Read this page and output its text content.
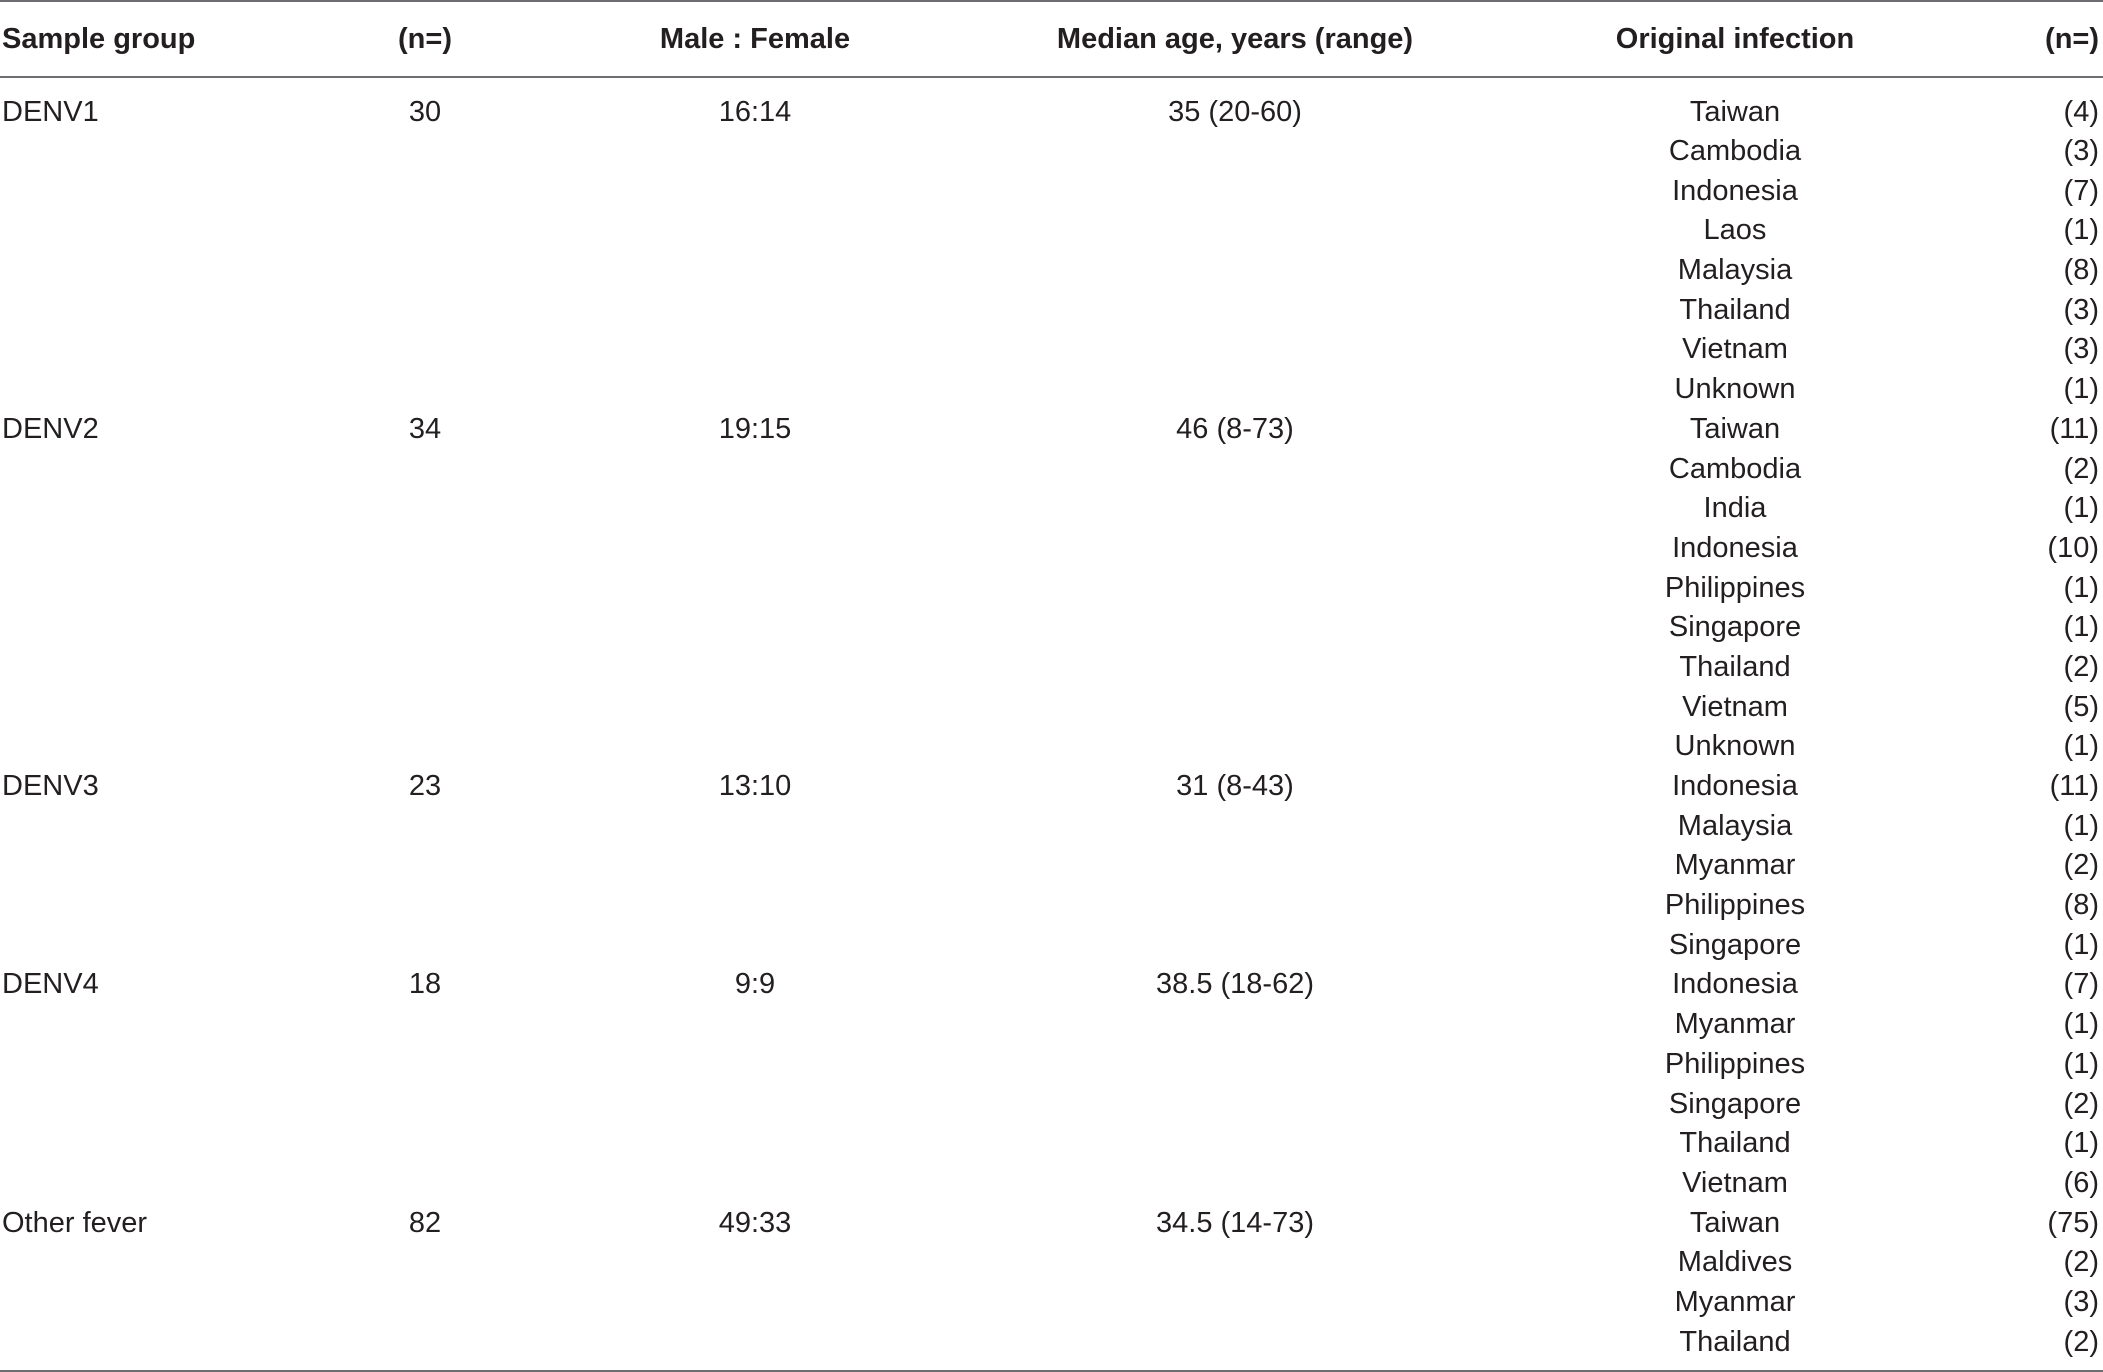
Sample group	(n=)	Male : Female	Median age, years (range)	Original infection	(n=)
DENV1	30	16:14	35 (20-60)	Taiwan	(4)
				Cambodia	(3)
				Indonesia	(7)
				Laos	(1)
				Malaysia	(8)
				Thailand	(3)
				Vietnam	(3)
				Unknown	(1)
DENV2	34	19:15	46 (8-73)	Taiwan	(11)
				Cambodia	(2)
				India	(1)
				Indonesia	(10)
				Philippines	(1)
				Singapore	(1)
				Thailand	(2)
				Vietnam	(5)
				Unknown	(1)
DENV3	23	13:10	31 (8-43)	Indonesia	(11)
				Malaysia	(1)
				Myanmar	(2)
				Philippines	(8)
				Singapore	(1)
DENV4	18	9:9	38.5 (18-62)	Indonesia	(7)
				Myanmar	(1)
				Philippines	(1)
				Singapore	(2)
				Thailand	(1)
				Vietnam	(6)
Other fever	82	49:33	34.5 (14-73)	Taiwan	(75)
				Maldives	(2)
				Myanmar	(3)
				Thailand	(2)
